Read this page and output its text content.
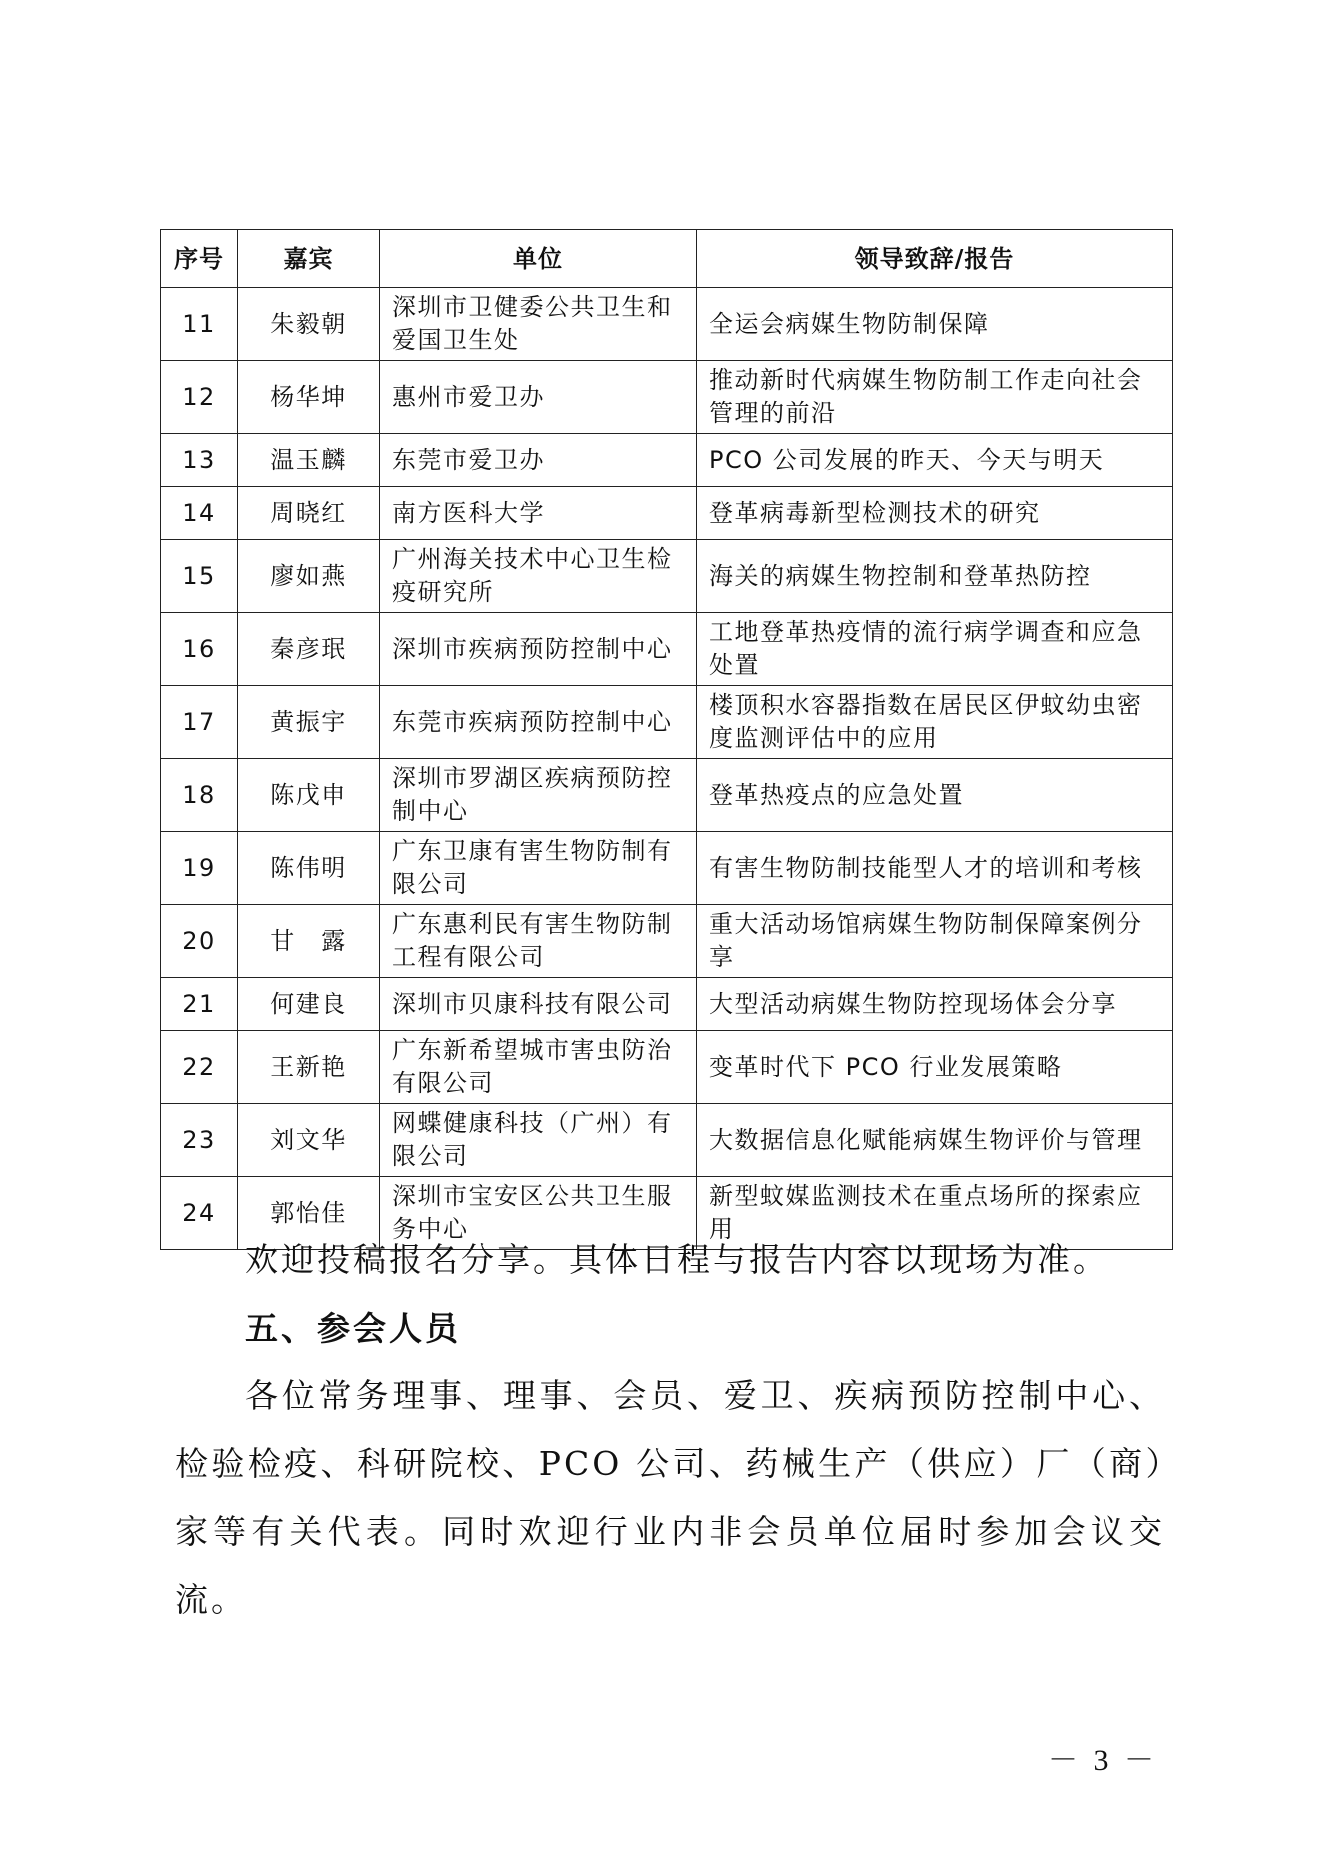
序号	嘉宾	单位	领导致辞/报告
11	朱毅朝	深圳市卫健委公共卫生和爱国卫生处	全运会病媒生物防制保障
12	杨华坤	惠州市爱卫办	推动新时代病媒生物防制工作走向社会管理的前沿
13	温玉麟	东莞市爱卫办	PCO 公司发展的昨天、今天与明天
14	周晓红	南方医科大学	登革病毒新型检测技术的研究
15	廖如燕	广州海关技术中心卫生检疫研究所	海关的病媒生物控制和登革热防控
16	秦彦珉	深圳市疾病预防控制中心	工地登革热疫情的流行病学调查和应急处置
17	黄振宇	东莞市疾病预防控制中心	楼顶积水容器指数在居民区伊蚊幼虫密度监测评估中的应用
18	陈戊申	深圳市罗湖区疾病预防控制中心	登革热疫点的应急处置
19	陈伟明	广东卫康有害生物防制有限公司	有害生物防制技能型人才的培训和考核
20	甘　露	广东惠利民有害生物防制工程有限公司	重大活动场馆病媒生物防制保障案例分享
21	何建良	深圳市贝康科技有限公司	大型活动病媒生物防控现场体会分享
22	王新艳	广东新希望城市害虫防治有限公司	变革时代下 PCO 行业发展策略
23	刘文华	网蝶健康科技（广州）有限公司	大数据信息化赋能病媒生物评价与管理
24	郭怡佳	深圳市宝安区公共卫生服务中心	新型蚊媒监测技术在重点场所的探索应用
欢迎投稿报名分享。具体日程与报告内容以现场为准。
五、参会人员
各位常务理事、理事、会员、爱卫、疾病预防控制中心、检验检疫、科研院校、PCO 公司、药械生产（供应）厂（商）家等有关代表。同时欢迎行业内非会员单位届时参加会议交流。
－ 3 －
